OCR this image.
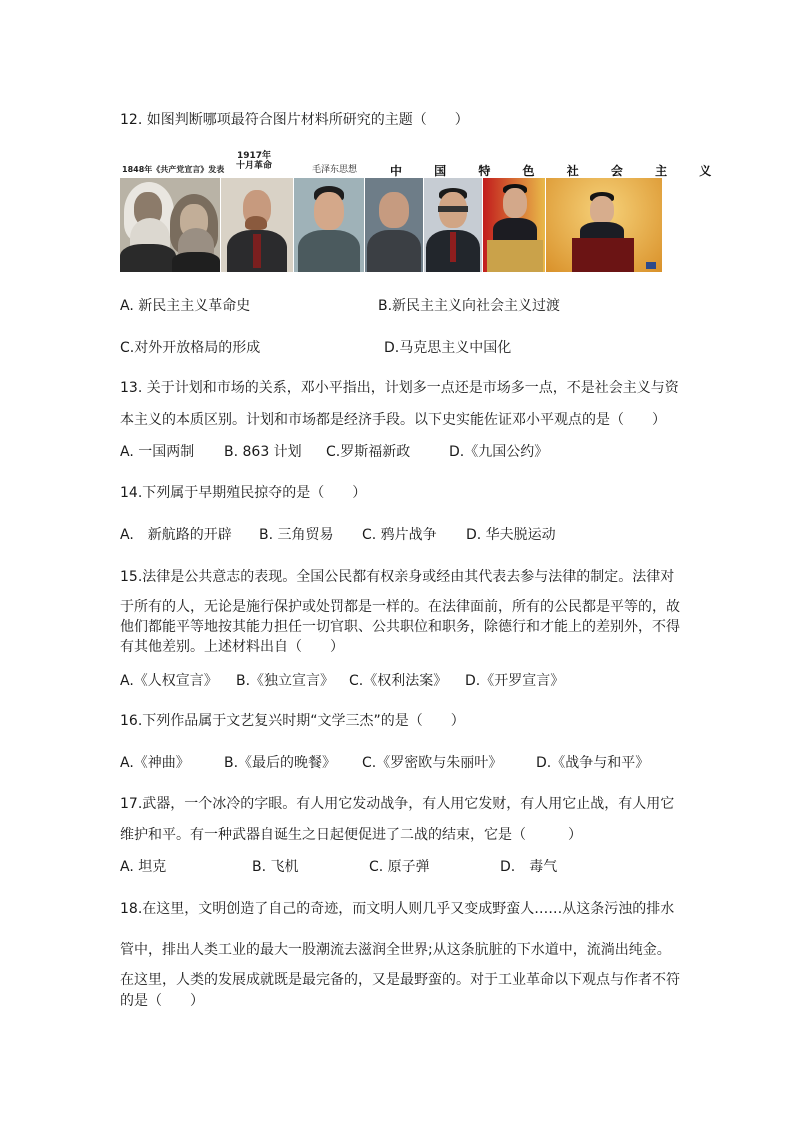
12. 如图判断哪项最符合图片材料所研究的主题（　　）
1848年《共产党宣言》发表
1917年
十月革命	毛泽东思想	中 国 特 色 社 会 主 义
A. 新民主主义革命史	B.新民主主义向社会主义过渡
C.对外开放格局的形成	D.马克思主义中国化
13. 关于计划和市场的关系，邓小平指出，计划多一点还是市场多一点，不是社会主义与资
本主义的本质区别。计划和市场都是经济手段。以下史实能佐证邓小平观点的是（　　）
A. 一国两制 B. 863 计划 C.罗斯福新政	D.《九国公约》
14.下列属于早期殖民掠夺的是（　　）
A.　新航路的开辟 B. 三角贸易 C. 鸦片战争 D. 华夫脱运动
15.法律是公共意志的表现。全国公民都有权亲身或经由其代表去参与法律的制定。法律对
于所有的人，无论是施行保护或处罚都是一样的。在法律面前，所有的公民都是平等的，故
他们都能平等地按其能力担任一切官职、公共职位和职务，除德行和才能上的差别外，不得
有其他差别。上述材料出自（　　）
A.《人权宣言》 B.《独立宣言》 C.《权利法案》 D.《开罗宣言》
16.下列作品属于文艺复兴时期“文学三杰”的是（　　）
A.《神曲》 B.《最后的晚餐》 C.《罗密欧与朱丽叶》 D.《战争与和平》
17.武器，一个冰冷的字眼。有人用它发动战争，有人用它发财，有人用它止战，有人用它
维护和平。有一种武器自诞生之日起便促进了二战的结束，它是（　　　）
A. 坦克	B. 飞机	C. 原子弹	D.　毒气
18.在这里，文明创造了自己的奇迹，而文明人则几乎又变成野蛮人……从这条污浊的排水
管中，排出人类工业的最大一股潮流去滋润全世界;从这条肮脏的下水道中，流淌出纯金。
在这里，人类的发展成就既是最完备的，又是最野蛮的。对于工业革命以下观点与作者不符
的是（　　）
